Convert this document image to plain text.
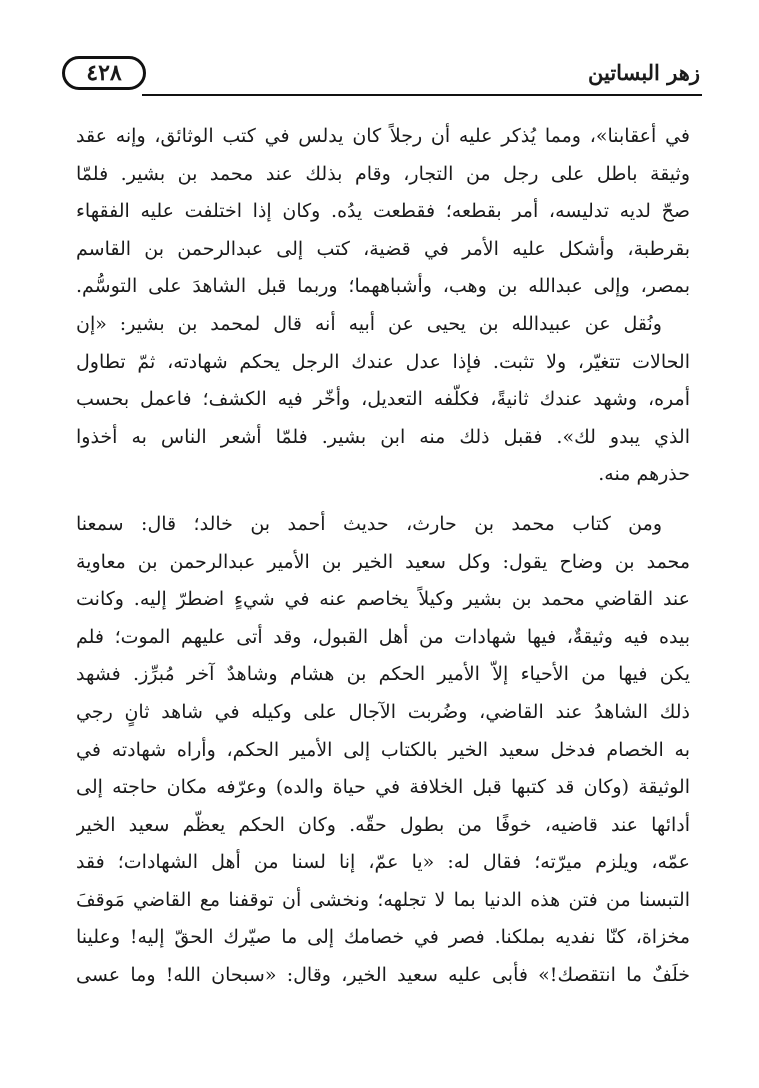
٤٢٨	زهر البساتين
في أعقابنا»، ومما يُذكر عليه أن رجلاً كان يدلس في كتب الوثائق، وإنه عقد
وثيقة باطل على رجل من التجار، وقام بذلك عند محمد بن بشير. فلمّا
صحّ لديه تدليسه، أمر بقطعه؛ فقطعت يدُه. وكان إذا اختلفت عليه الفقهاء
بقرطبة، وأشكل عليه الأمر في قضية، كتب إلى عبدالرحمن بن القاسم
بمصر، وإلى عبدالله بن وهب، وأشباههما؛ وربما قبل الشاهدَ على التوسُّم.
ونُقل عن عبيدالله بن يحيى عن أبيه أنه قال لمحمد بن بشير: «إن
الحالات تتغيّر، ولا تثبت. فإذا عدل عندك الرجل يحكم شهادته، ثمّ تطاول
أمره، وشهد عندك ثانيةً، فكلّفه التعديل، وأخّر فيه الكشف؛ فاعمل بحسب
الذي يبدو لك». فقبل ذلك منه ابن بشير. فلمّا أشعر الناس به أخذوا
حذرهم منه.
ومن كتاب محمد بن حارث، حديث أحمد بن خالد؛ قال: سمعنا
محمد بن وضاح يقول: وكل سعيد الخير بن الأمير عبدالرحمن بن معاوية
عند القاضي محمد بن بشير وكيلاً يخاصم عنه في شيءٍ اضطرّ إليه. وكانت
بيده فيه وثيقةٌ، فيها شهادات من أهل القبول، وقد أتى عليهم الموت؛ فلم
يكن فيها من الأحياء إلاّ الأمير الحكم بن هشام وشاهدٌ آخر مُبرِّز. فشهد
ذلك الشاهدُ عند القاضي، وضُربت الآجال على وكيله في شاهد ثانٍ رجي
به الخصام فدخل سعيد الخير بالكتاب إلى الأمير الحكم، وأراه شهادته في
الوثيقة (وكان قد كتبها قبل الخلافة في حياة والده) وعرّفه مكان حاجته إلى
أدائها عند قاضيه، خوفًا من بطول حقّه. وكان الحكم يعظّم سعيد الخير
عمّه، ويلزم ميرّته؛ فقال له: «يا عمّ، إنا لسنا من أهل الشهادات؛ فقد
التبسنا من فتن هذه الدنيا بما لا تجلهه؛ ونخشى أن توقفنا مع القاضي مَوقفَ
مخزاة، كنّا نفديه بملكنا. فصر في خصامك إلى ما صيّرك الحقّ إليه! وعلينا
خلَفٌ ما انتقصك!» فأبى عليه سعيد الخير، وقال: «سبحان الله! وما عسى
